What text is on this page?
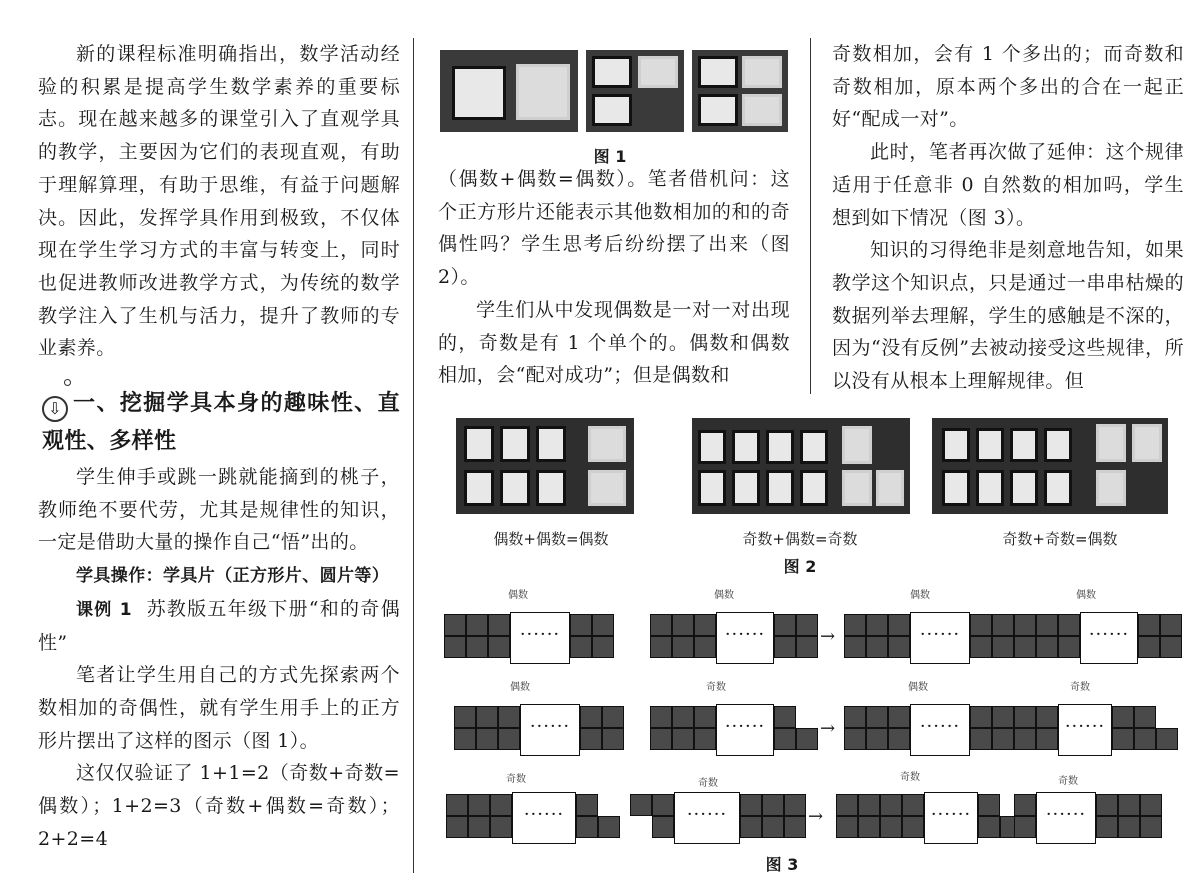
新的课程标准明确指出，数学活动经验的积累是提高学生数学素养的重要标志。现在越来越多的课堂引入了直观学具的教学，主要因为它们的表现直观，有助于理解算理，有助于思维，有益于问题解决。因此，发挥学具作用到极致，不仅体现在学生学习方式的丰富与转变上，同时也促进教师改进教学方式，为传统的数学教学注入了生机与活力，提升了教师的专业素养。

⇩ 一、挖掘学具本身的趣味性、直观性、多样性

学生伸手或跳一跳就能摘到的桃子，教师绝不要代劳，尤其是规律性的知识，一定是借助大量的操作自己“悟”出的。

学具操作：学具片（正方形片、圆片等）

课例 1 苏教版五年级下册“和的奇偶性”

笔者让学生用自己的方式先探索两个数相加的奇偶性，就有学生用手上的正方形片摆出了这样的图示（图 1）。

这仅仅验证了 1+1=2（奇数+奇数=偶数）；1+2=3（奇数+偶数=奇数）；2+2=4

图 1

（偶数+偶数=偶数）。笔者借机问：这个正方形片还能表示其他数相加的和的奇偶性吗？学生思考后纷纷摆了出来（图 2）。

学生们从中发现偶数是一对一对出现的，奇数是有 1 个单个的。偶数和偶数相加，会“配对成功”；但是偶数和

奇数相加，会有 1 个多出的；而奇数和奇数相加，原本两个多出的合在一起正好“配成一对”。

此时，笔者再次做了延伸：这个规律适用于任意非 0 自然数的相加吗，学生想到如下情况（图 3）。

知识的习得绝非是刻意地告知，如果教学这个知识点，只是通过一串串枯燥的数据列举去理解，学生的感触是不深的，因为“没有反例”去被动接受这些规律，所以没有从根本上理解规律。但

偶数+偶数=偶数	奇数+偶数=奇数	奇数+奇数=偶数
图 2
偶数
······
偶数
······	→	······	······
偶数	偶数
偶数
······
奇数
······	→	······	······
偶数	奇数
奇数
······
奇数
······	→	······	······
奇数	奇数
图 3
